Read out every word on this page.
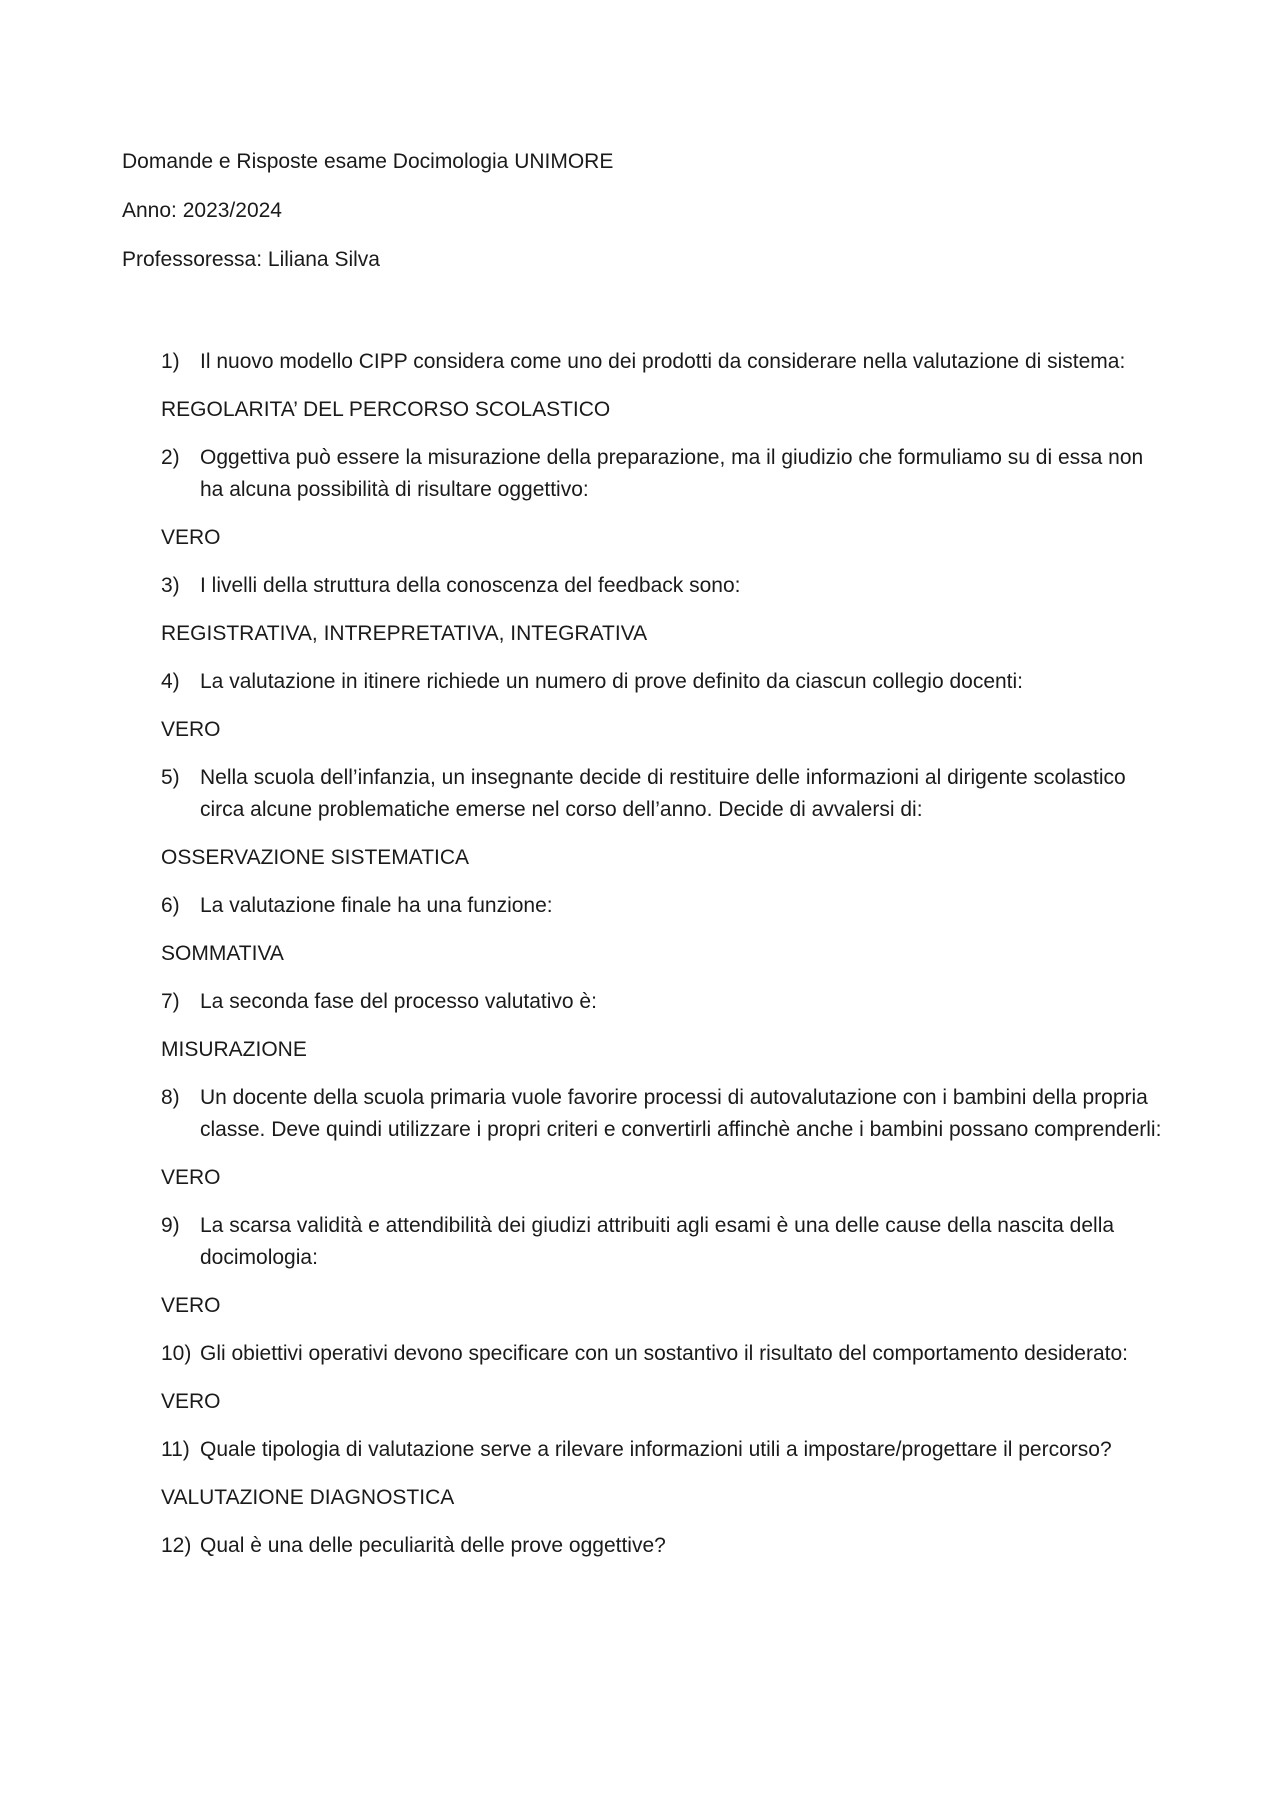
Domande e Risposte esame Docimologia UNIMORE

Anno: 2023/2024

Professoressa: Liliana Silva

1) Il nuovo modello CIPP considera come uno dei prodotti da considerare nella valutazione di sistema:

REGOLARITA’ DEL PERCORSO SCOLASTICO

2) Oggettiva può essere la misurazione della preparazione, ma il giudizio che formuliamo su di essa non ha alcuna possibilità di risultare oggettivo:

VERO

3) I livelli della struttura della conoscenza del feedback sono:

REGISTRATIVA, INTREPRETATIVA, INTEGRATIVA

4) La valutazione in itinere richiede un numero di prove definito da ciascun collegio docenti:

VERO

5) Nella scuola dell’infanzia, un insegnante decide di restituire delle informazioni al dirigente scolastico circa alcune problematiche emerse nel corso dell’anno. Decide di avvalersi di:

OSSERVAZIONE SISTEMATICA

6) La valutazione finale ha una funzione:

SOMMATIVA

7) La seconda fase del processo valutativo è:

MISURAZIONE

8) Un docente della scuola primaria vuole favorire processi di autovalutazione con i bambini della propria classe. Deve quindi utilizzare i propri criteri e convertirli affinchè anche i bambini possano comprenderli:

VERO

9) La scarsa validità e attendibilità dei giudizi attribuiti agli esami è una delle cause della nascita della docimologia:

VERO

10) Gli obiettivi operativi devono specificare con un sostantivo il risultato del comportamento desiderato:

VERO

11) Quale tipologia di valutazione serve a rilevare informazioni utili a impostare/progettare il percorso?

VALUTAZIONE DIAGNOSTICA

12) Qual è una delle peculiarità delle prove oggettive?
